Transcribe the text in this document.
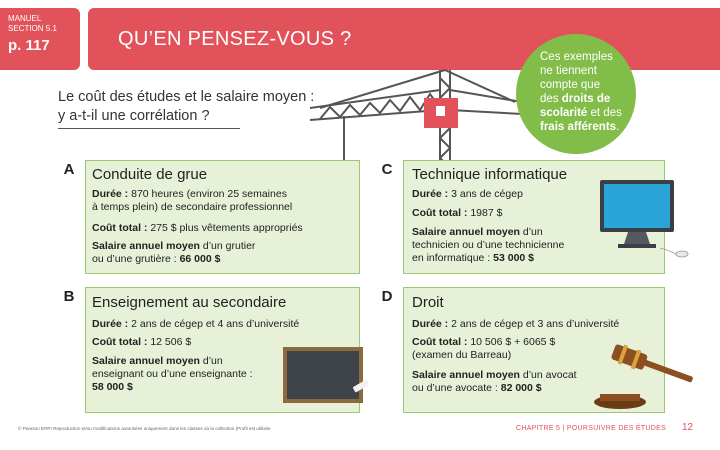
MANUEL SECTION 5.1
p. 117	QU’EN PENSEZ-VOUS ?
Ces exemples
ne tiennent
compte que
des droits de
scolarité et des
frais afférents.
Le coût des études et le salaire moyen :
y a-t-il une corrélation ?
A	Conduite de grue
Durée : 870 heures (environ 25 semaines
à temps plein) de secondaire professionnel
Coût total : 275 $ plus vêtements appropriés
Salaire annuel moyen d’un grutier
ou d’une grutière : 66 000 $
C	Technique informatique
Durée : 3 ans de cégep
Coût total : 1987 $
Salaire annuel moyen d’un
technicien ou d’une technicienne
en informatique : 53 000 $
B	Enseignement au secondaire
Durée : 2 ans de cégep et 4 ans d’université
Coût total : 12 506 $
Salaire annuel moyen d’un
enseignant ou d’une enseignante :
58 000 $
D	Droit
Durée : 2 ans de cégep et 3 ans d’université
Coût total : 10 506 $ + 6065 $
(examen du Barreau)
Salaire annuel moyen d’un avocat
ou d’une avocate : 82 000 $
© Pearson ERPI Reproduction et/ou modifications autorisées uniquement dans les classes où la collection (Profil est utilisée	CHAPITRE 5 | POURSUIVRE DES ÉTUDES 12
